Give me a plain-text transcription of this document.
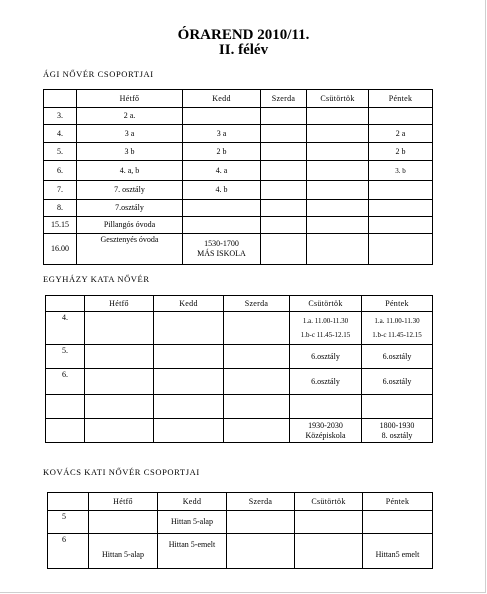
ÓRAREND 2010/11.
II. félév
ÁGI NŐVÉR CSOPORTJAI
	Hétfő	Kedd	Szerda	Csütörtök	Péntek
3.	2 a.				
4.	3 a	3 a			2 a
5.	3 b	2 b			2 b
6.	4. a, b	4. a			3. b
7.	7. osztály	4. b			
8.	7.osztály				
15.15	Pillangós óvoda				
16.00	Gesztenyés óvoda	1530-1700
MÁS ISKOLA			
EGYHÁZY KATA NŐVÉR
	Hétfő	Kedd	Szerda	Csütörtök	Péntek
4.				1.a. 11.00-11.30
1.b-c 11.45-12.15	1.a. 11.00-11.30
1.b-c 11.45-12.15
5.				6.osztály	6.osztály
6.				6.osztály	6.osztály

				1930-2030
Középiskola	1800-1930
8. osztály
KOVÁCS KATI NŐVÉR CSOPORTJAI
	Hétfő	Kedd	Szerda	Csütörtök	Péntek
5		Hittan 5-alap			
6	Hittan 5-alap	Hittan 5-emelt			Hittan5 emelt
